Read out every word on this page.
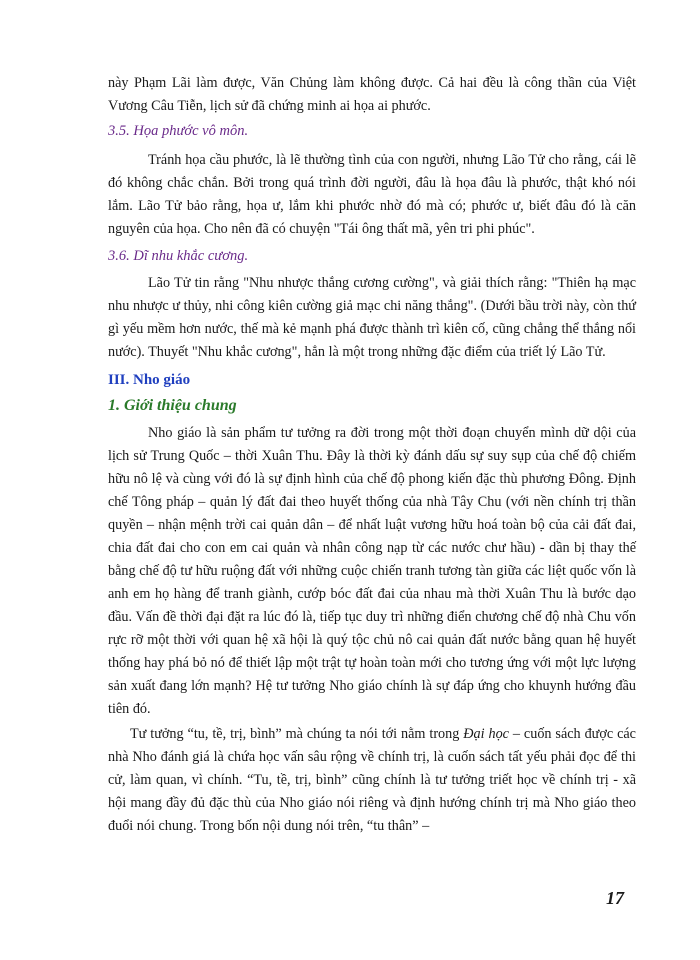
này Phạm Lãi làm được, Văn Chủng làm không được. Cả hai đều là công thần của Việt Vương Câu Tiễn, lịch sử đã chứng minh ai họa ai phước.

3.5. Họa phước vô môn.

Tránh họa cầu phước, là lẽ thường tình của con người, nhưng Lão Tử cho rằng, cái lẽ đó không chắc chắn. Bởi trong quá trình đời người, đâu là họa đâu là phước, thật khó nói lắm. Lão Tử bảo rằng, họa ư, lắm khi phước nhờ đó mà có; phước ư, biết đâu đó là căn nguyên của họa. Cho nên đã có chuyện "Tái ông thất mã, yên tri phi phúc".

3.6. Dĩ nhu khắc cương.

Lão Tử tin rằng "Nhu nhược thắng cương cường", và giải thích rằng: "Thiên hạ mạc nhu nhược ư thủy, nhi công kiên cường giả mạc chi năng thắng". (Dưới bầu trời này, còn thứ gì yếu mềm hơn nước, thế mà kẻ mạnh phá được thành trì kiên cố, cũng chẳng thể thắng nổi nước). Thuyết "Nhu khắc cương", hẳn là một trong những đặc điểm của triết lý Lão Tử.

III. Nho giáo

1. Giới thiệu chung

Nho giáo là sản phẩm tư tưởng ra đời trong một thời đoạn chuyển mình dữ dội của lịch sử Trung Quốc – thời Xuân Thu. Đây là thời kỳ đánh dấu sự suy sụp của chế độ chiếm hữu nô lệ và cùng với đó là sự định hình của chế độ phong kiến đặc thù phương Đông. Định chế Tông pháp – quản lý đất đai theo huyết thống của nhà Tây Chu (với nền chính trị thần quyền – nhận mệnh trời cai quản dân – để nhất luật vương hữu hoá toàn bộ của cải đất đai, chia đất đai cho con em cai quản và nhân công nạp từ các nước chư hầu) - dần bị thay thế bằng chế độ tư hữu ruộng đất với những cuộc chiến tranh tương tàn giữa các liệt quốc vốn là anh em họ hàng để tranh giành, cướp bóc đất đai của nhau mà thời Xuân Thu là bước dạo đầu. Vấn đề thời đại đặt ra lúc đó là, tiếp tục duy trì những điển chương chế độ nhà Chu vốn rực rỡ một thời với quan hệ xã hội là quý tộc chủ nô cai quản đất nước bằng quan hệ huyết thống hay phá bỏ nó để thiết lập một trật tự hoàn toàn mới cho tương ứng với một lực lượng sản xuất đang lớn mạnh? Hệ tư tưởng Nho giáo chính là sự đáp ứng cho khuynh hướng đầu tiên đó.

Tư tưởng “tu, tề, trị, bình” mà chúng ta nói tới nằm trong Đại học – cuốn sách được các nhà Nho đánh giá là chứa học vấn sâu rộng về chính trị, là cuốn sách tất yếu phải đọc để thi cử, làm quan, vì chính. “Tu, tề, trị, bình” cũng chính là tư tưởng triết học về chính trị - xã hội mang đầy đủ đặc thù của Nho giáo nói riêng và định hướng chính trị mà Nho giáo theo đuổi nói chung. Trong bốn nội dung nói trên, “tu thân” –

17
